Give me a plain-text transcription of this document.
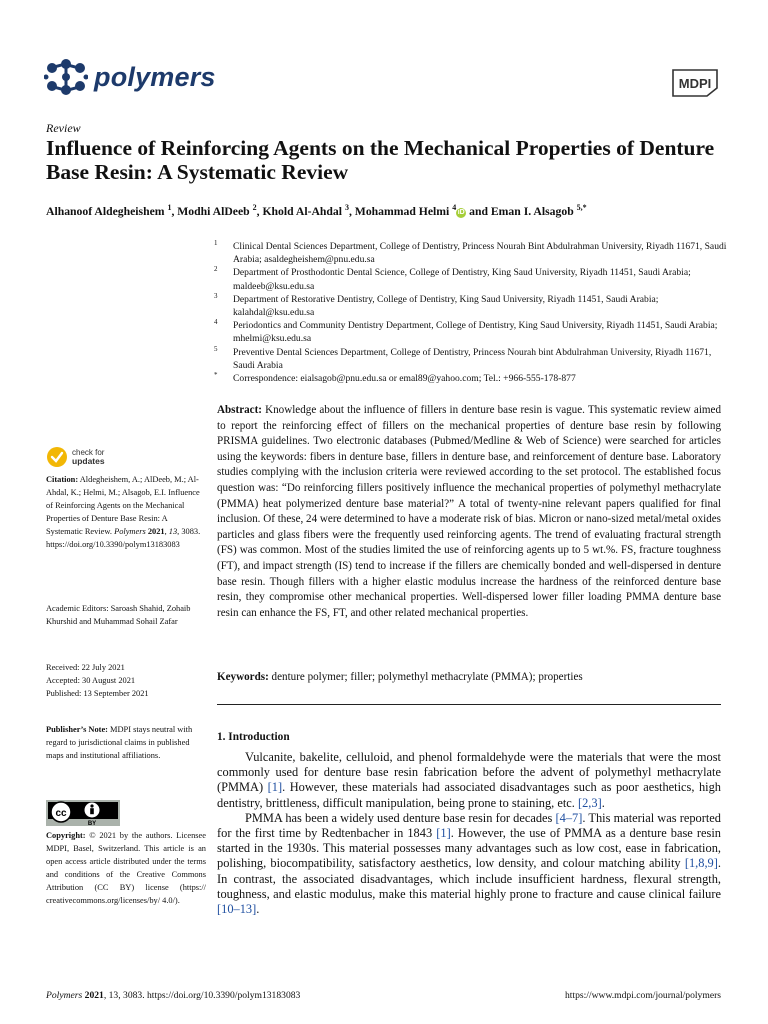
polymers	MDPI
Review
Influence of Reinforcing Agents on the Mechanical Properties of Denture Base Resin: A Systematic Review
Alhanoof Aldegheishem $^1$, Modhi AlDeeb $^2$, Khold Al-Ahdal $^3$, Mohammad Helmi $^4$iD and Eman I. Alsagob $^{5,*}$
1 Clinical Dental Sciences Department, College of Dentistry, Princess Nourah Bint Abdulrahman University, Riyadh 11671, Saudi Arabia; asaldegheishem@pnu.edu.sa
2 Department of Prosthodontic Dental Science, College of Dentistry, King Saud University, Riyadh 11451, Saudi Arabia; maldeeb@ksu.edu.sa
3 Department of Restorative Dentistry, College of Dentistry, King Saud University, Riyadh 11451, Saudi Arabia; kalahdal@ksu.edu.sa
4 Periodontics and Community Dentistry Department, College of Dentistry, King Saud University, Riyadh 11451, Saudi Arabia; mhelmi@ksu.edu.sa
5 Preventive Dental Sciences Department, College of Dentistry, Princess Nourah bint Abdulrahman University, Riyadh 11671, Saudi Arabia
* Correspondence: eialsagob@pnu.edu.sa or emal89@yahoo.com; Tel.: +966-555-178-877
Abstract: Knowledge about the influence of fillers in denture base resin is vague. This systematic review aimed to report the reinforcing effect of fillers on the mechanical properties of denture base resin by following PRISMA guidelines. Two electronic databases (Pubmed/Medline & Web of Science) were searched for articles using the keywords: fibers in denture base, fillers in denture base, and reinforcement of denture base. Laboratory studies complying with the inclusion criteria were reviewed according to the set protocol. The established focus question was: “Do reinforcing fillers positively influence the mechanical properties of polymethyl methacrylate (PMMA) heat polymerized denture base material?” A total of twenty-nine relevant papers qualified for final inclusion. Of these, 24 were determined to have a moderate risk of bias. Micron or nano-sized metal/metal oxides particles and glass fibers were the frequently used reinforcing agents. The trend of evaluating fractural strength (FS) was common. Most of the studies limited the use of reinforcing agents up to 5 wt.%. FS, fracture toughness (FT), and impact strength (IS) tend to increase if the fillers are chemically bonded and well-dispersed in denture base resin. Though fillers with a higher elastic modulus increase the hardness of the reinforced denture base resin, they compromise other mechanical properties. Well-dispersed lower filler loading PMMA denture base resin can enhance the FS, FT, and other related mechanical properties.
Keywords: denture polymer; filler; polymethyl methacrylate (PMMA); properties
1. Introduction

Vulcanite, bakelite, celluloid, and phenol formaldehyde were the materials that were the most commonly used for denture base resin fabrication before the advent of polymethyl methacrylate (PMMA) [1]. However, these materials had associated disadvantages such as poor aesthetics, high dentistry, brittleness, difficult manipulation, being prone to staining, etc. [2,3].

PMMA has been a widely used denture base resin for decades [4–7]. This material was reported for the first time by Redtenbacher in 1843 [1]. However, the use of PMMA as a denture base resin started in the 1930s. This material possesses many advantages such as low cost, ease in fabrication, polishing, biocompatibility, satisfactory aesthetics, low density, and colour matching ability [1,8,9]. In contrast, the associated disadvantages, which include insufficient hardness, flexural strength, toughness, and elastic modulus, make this material highly prone to fracture and cause clinical failure [10–13].

check for
updates
Citation: Aldegheishem, A.; AlDeeb, M.; Al-Ahdal, K.; Helmi, M.; Alsagob, E.I. Influence of Reinforcing Agents on the Mechanical Properties of Denture Base Resin: A Systematic Review. Polymers 2021, 13, 3083. https://doi.org/10.3390/polym13183083
Academic Editors: Saroash Shahid, Zohaib Khurshid and Muhammad Sohail Zafar
Received: 22 July 2021
Accepted: 30 August 2021
Published: 13 September 2021
Publisher’s Note: MDPI stays neutral with regard to jurisdictional claims in published maps and institutional affiliations.
cc
BY
Copyright: © 2021 by the authors. Licensee MDPI, Basel, Switzerland. This article is an open access article distributed under the terms and conditions of the Creative Commons Attribution (CC BY) license (https:// creativecommons.org/licenses/by/ 4.0/).
Polymers 2021, 13, 3083. https://doi.org/10.3390/polym13183083	https://www.mdpi.com/journal/polymers
